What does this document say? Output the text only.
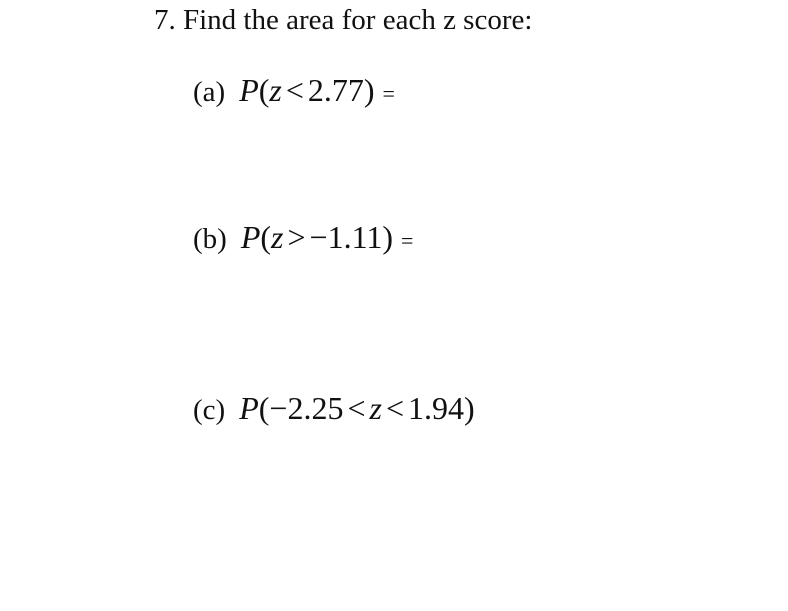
7. Find the area for each z score:
(a) P(z < 2.77) =
(b) P(z > −1.11) =
(c) P(−2.25 < z < 1.94)
